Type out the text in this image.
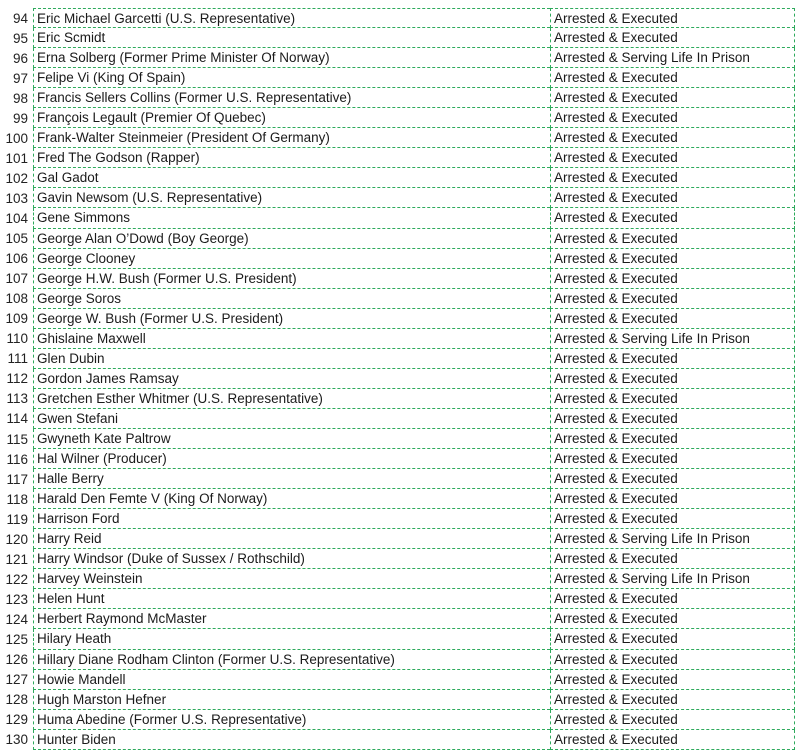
94 Eric Michael Garcetti (U.S. Representative)	Arrested & Executed
95 Eric Scmidt	Arrested & Executed
96 Erna Solberg (Former Prime Minister Of Norway)	Arrested & Serving Life In Prison
97 Felipe Vi (King Of Spain)	Arrested & Executed
98 Francis Sellers Collins (Former U.S. Representative)	Arrested & Executed
99 François Legault (Premier Of Quebec)	Arrested & Executed
100 Frank-Walter Steinmeier (President Of Germany)	Arrested & Executed
101 Fred The Godson (Rapper)	Arrested & Executed
102 Gal Gadot	Arrested & Executed
103 Gavin Newsom (U.S. Representative)	Arrested & Executed
104 Gene Simmons	Arrested & Executed
105 George Alan O’Dowd (Boy George)	Arrested & Executed
106 George Clooney	Arrested & Executed
107 George H.W. Bush (Former U.S. President)	Arrested & Executed
108 George Soros	Arrested & Executed
109 George W. Bush (Former U.S. President)	Arrested & Executed
110 Ghislaine Maxwell	Arrested & Serving Life In Prison
111 Glen Dubin	Arrested & Executed
112 Gordon James Ramsay	Arrested & Executed
113 Gretchen Esther Whitmer (U.S. Representative)	Arrested & Executed
114 Gwen Stefani	Arrested & Executed
115 Gwyneth Kate Paltrow	Arrested & Executed
116 Hal Wilner (Producer)	Arrested & Executed
117 Halle Berry	Arrested & Executed
118 Harald Den Femte V (King Of Norway)	Arrested & Executed
119 Harrison Ford	Arrested & Executed
120 Harry Reid	Arrested & Serving Life In Prison
121 Harry Windsor (Duke of Sussex / Rothschild)	Arrested & Executed
122 Harvey Weinstein	Arrested & Serving Life In Prison
123 Helen Hunt	Arrested & Executed
124 Herbert Raymond McMaster	Arrested & Executed
125 Hilary Heath	Arrested & Executed
126 Hillary Diane Rodham Clinton (Former U.S. Representative)	Arrested & Executed
127 Howie Mandell	Arrested & Executed
128 Hugh Marston Hefner	Arrested & Executed
129 Huma Abedine (Former U.S. Representative)	Arrested & Executed
130 Hunter Biden	Arrested & Executed
